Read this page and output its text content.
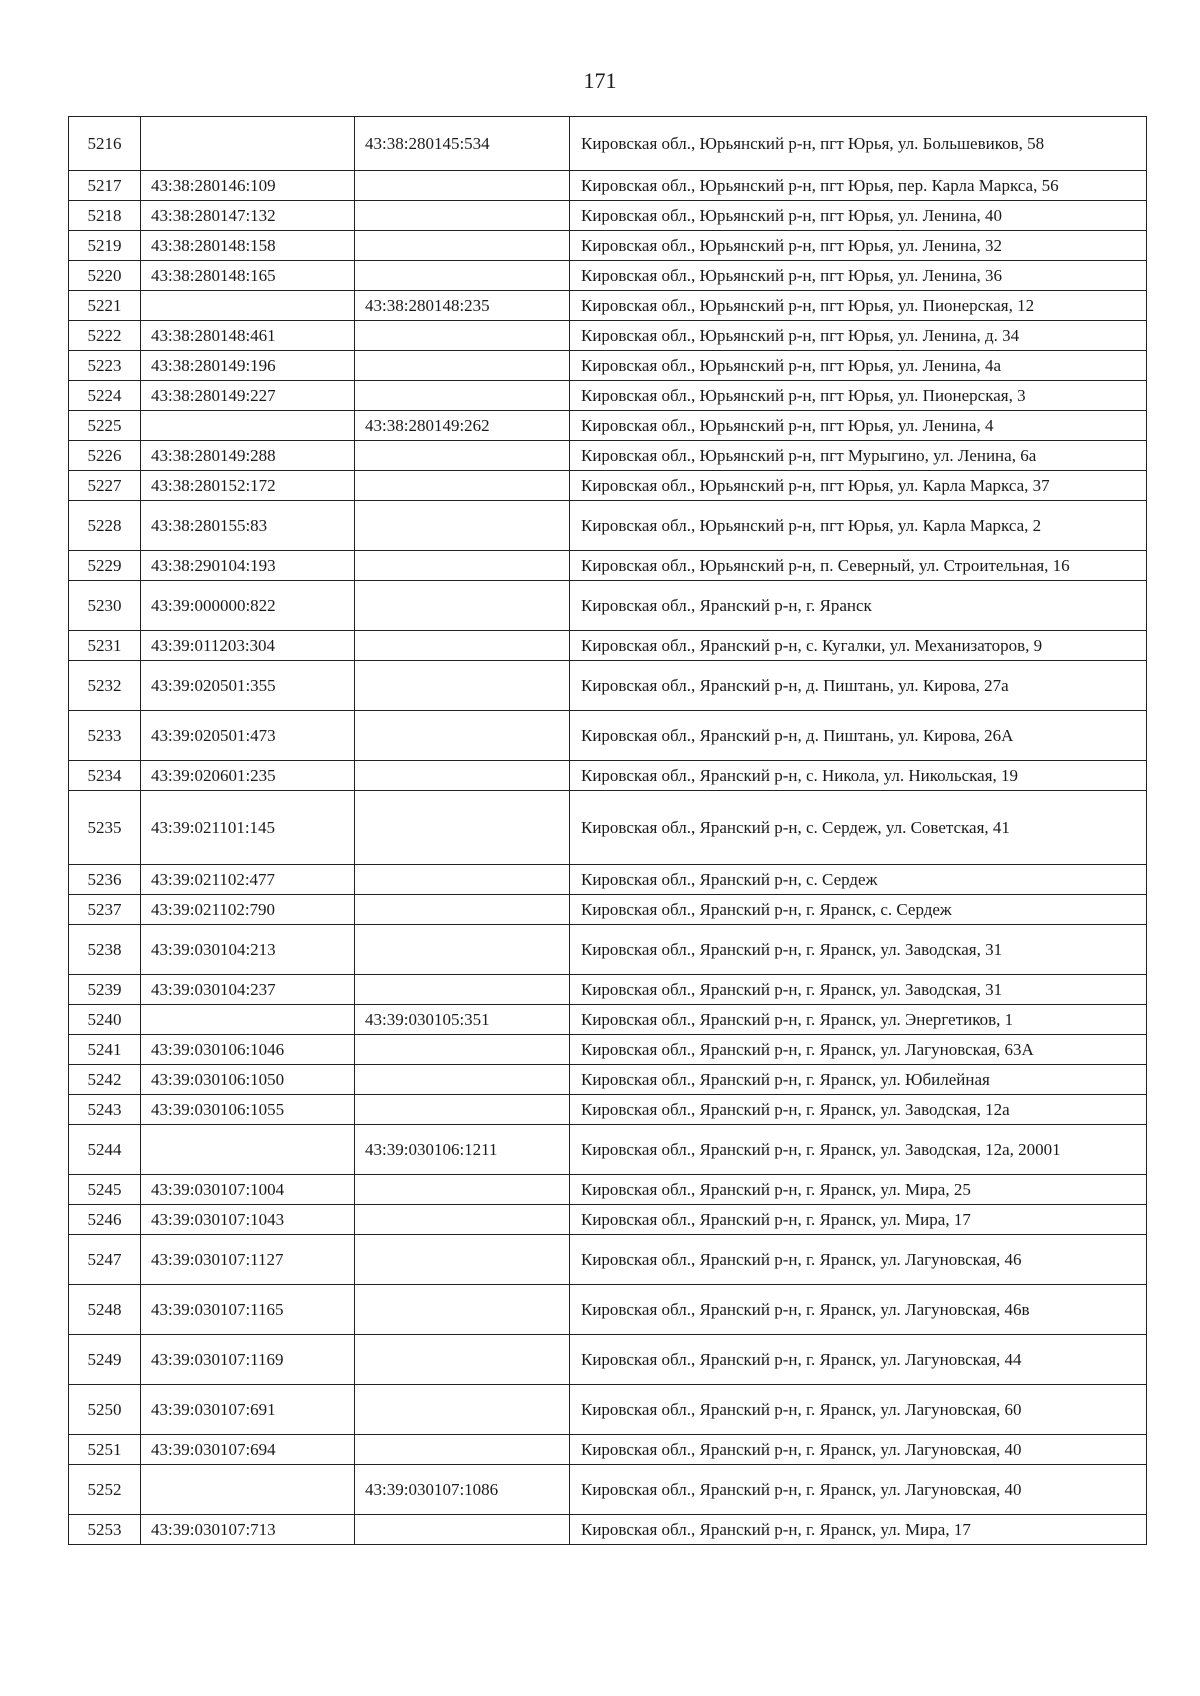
171
5216		43:38:280145:534	Кировская обл., Юрьянский р-н, пгт Юрья, ул. Большевиков, 58
5217	43:38:280146:109		Кировская обл., Юрьянский р-н, пгт Юрья, пер. Карла Маркса, 56
5218	43:38:280147:132		Кировская обл., Юрьянский р-н, пгт Юрья, ул. Ленина, 40
5219	43:38:280148:158		Кировская обл., Юрьянский р-н, пгт Юрья, ул. Ленина, 32
5220	43:38:280148:165		Кировская обл., Юрьянский р-н, пгт Юрья, ул. Ленина, 36
5221		43:38:280148:235	Кировская обл., Юрьянский р-н, пгт Юрья, ул. Пионерская, 12
5222	43:38:280148:461		Кировская обл., Юрьянский р-н, пгт Юрья, ул. Ленина, д. 34
5223	43:38:280149:196		Кировская обл., Юрьянский р-н, пгт Юрья, ул. Ленина, 4а
5224	43:38:280149:227		Кировская обл., Юрьянский р-н, пгт Юрья, ул. Пионерская, 3
5225		43:38:280149:262	Кировская обл., Юрьянский р-н, пгт Юрья, ул. Ленина, 4
5226	43:38:280149:288		Кировская обл., Юрьянский р-н, пгт Мурыгино, ул. Ленина, 6а
5227	43:38:280152:172		Кировская обл., Юрьянский р-н, пгт Юрья, ул. Карла Маркса, 37
5228	43:38:280155:83		Кировская обл., Юрьянский р-н, пгт Юрья, ул. Карла Маркса, 2
5229	43:38:290104:193		Кировская обл., Юрьянский р-н, п. Северный, ул. Строительная, 16
5230	43:39:000000:822		Кировская обл., Яранский р-н, г. Яранск
5231	43:39:011203:304		Кировская обл., Яранский р-н, с. Кугалки, ул. Механизаторов, 9
5232	43:39:020501:355		Кировская обл., Яранский р-н, д. Пиштань, ул. Кирова, 27а
5233	43:39:020501:473		Кировская обл., Яранский р-н, д. Пиштань, ул. Кирова, 26А
5234	43:39:020601:235		Кировская обл., Яранский р-н, с. Никола, ул. Никольская, 19
5235	43:39:021101:145		Кировская обл., Яранский р-н, с. Сердеж, ул. Советская, 41
5236	43:39:021102:477		Кировская обл., Яранский р-н, с. Сердеж
5237	43:39:021102:790		Кировская обл., Яранский р-н, г. Яранск, с. Сердеж
5238	43:39:030104:213		Кировская обл., Яранский р-н, г. Яранск, ул. Заводская, 31
5239	43:39:030104:237		Кировская обл., Яранский р-н, г. Яранск, ул. Заводская, 31
5240		43:39:030105:351	Кировская обл., Яранский р-н, г. Яранск, ул. Энергетиков, 1
5241	43:39:030106:1046		Кировская обл., Яранский р-н, г. Яранск, ул. Лагуновская, 63А
5242	43:39:030106:1050		Кировская обл., Яранский р-н, г. Яранск, ул. Юбилейная
5243	43:39:030106:1055		Кировская обл., Яранский р-н, г. Яранск, ул. Заводская, 12а
5244		43:39:030106:1211	Кировская обл., Яранский р-н, г. Яранск, ул. Заводская, 12а, 20001
5245	43:39:030107:1004		Кировская обл., Яранский р-н, г. Яранск, ул. Мира, 25
5246	43:39:030107:1043		Кировская обл., Яранский р-н, г. Яранск, ул. Мира, 17
5247	43:39:030107:1127		Кировская обл., Яранский р-н, г. Яранск, ул. Лагуновская, 46
5248	43:39:030107:1165		Кировская обл., Яранский р-н, г. Яранск, ул. Лагуновская, 46в
5249	43:39:030107:1169		Кировская обл., Яранский р-н, г. Яранск, ул. Лагуновская, 44
5250	43:39:030107:691		Кировская обл., Яранский р-н, г. Яранск, ул. Лагуновская, 60
5251	43:39:030107:694		Кировская обл., Яранский р-н, г. Яранск, ул. Лагуновская, 40
5252		43:39:030107:1086	Кировская обл., Яранский р-н, г. Яранск, ул. Лагуновская, 40
5253	43:39:030107:713		Кировская обл., Яранский р-н, г. Яранск, ул. Мира, 17
